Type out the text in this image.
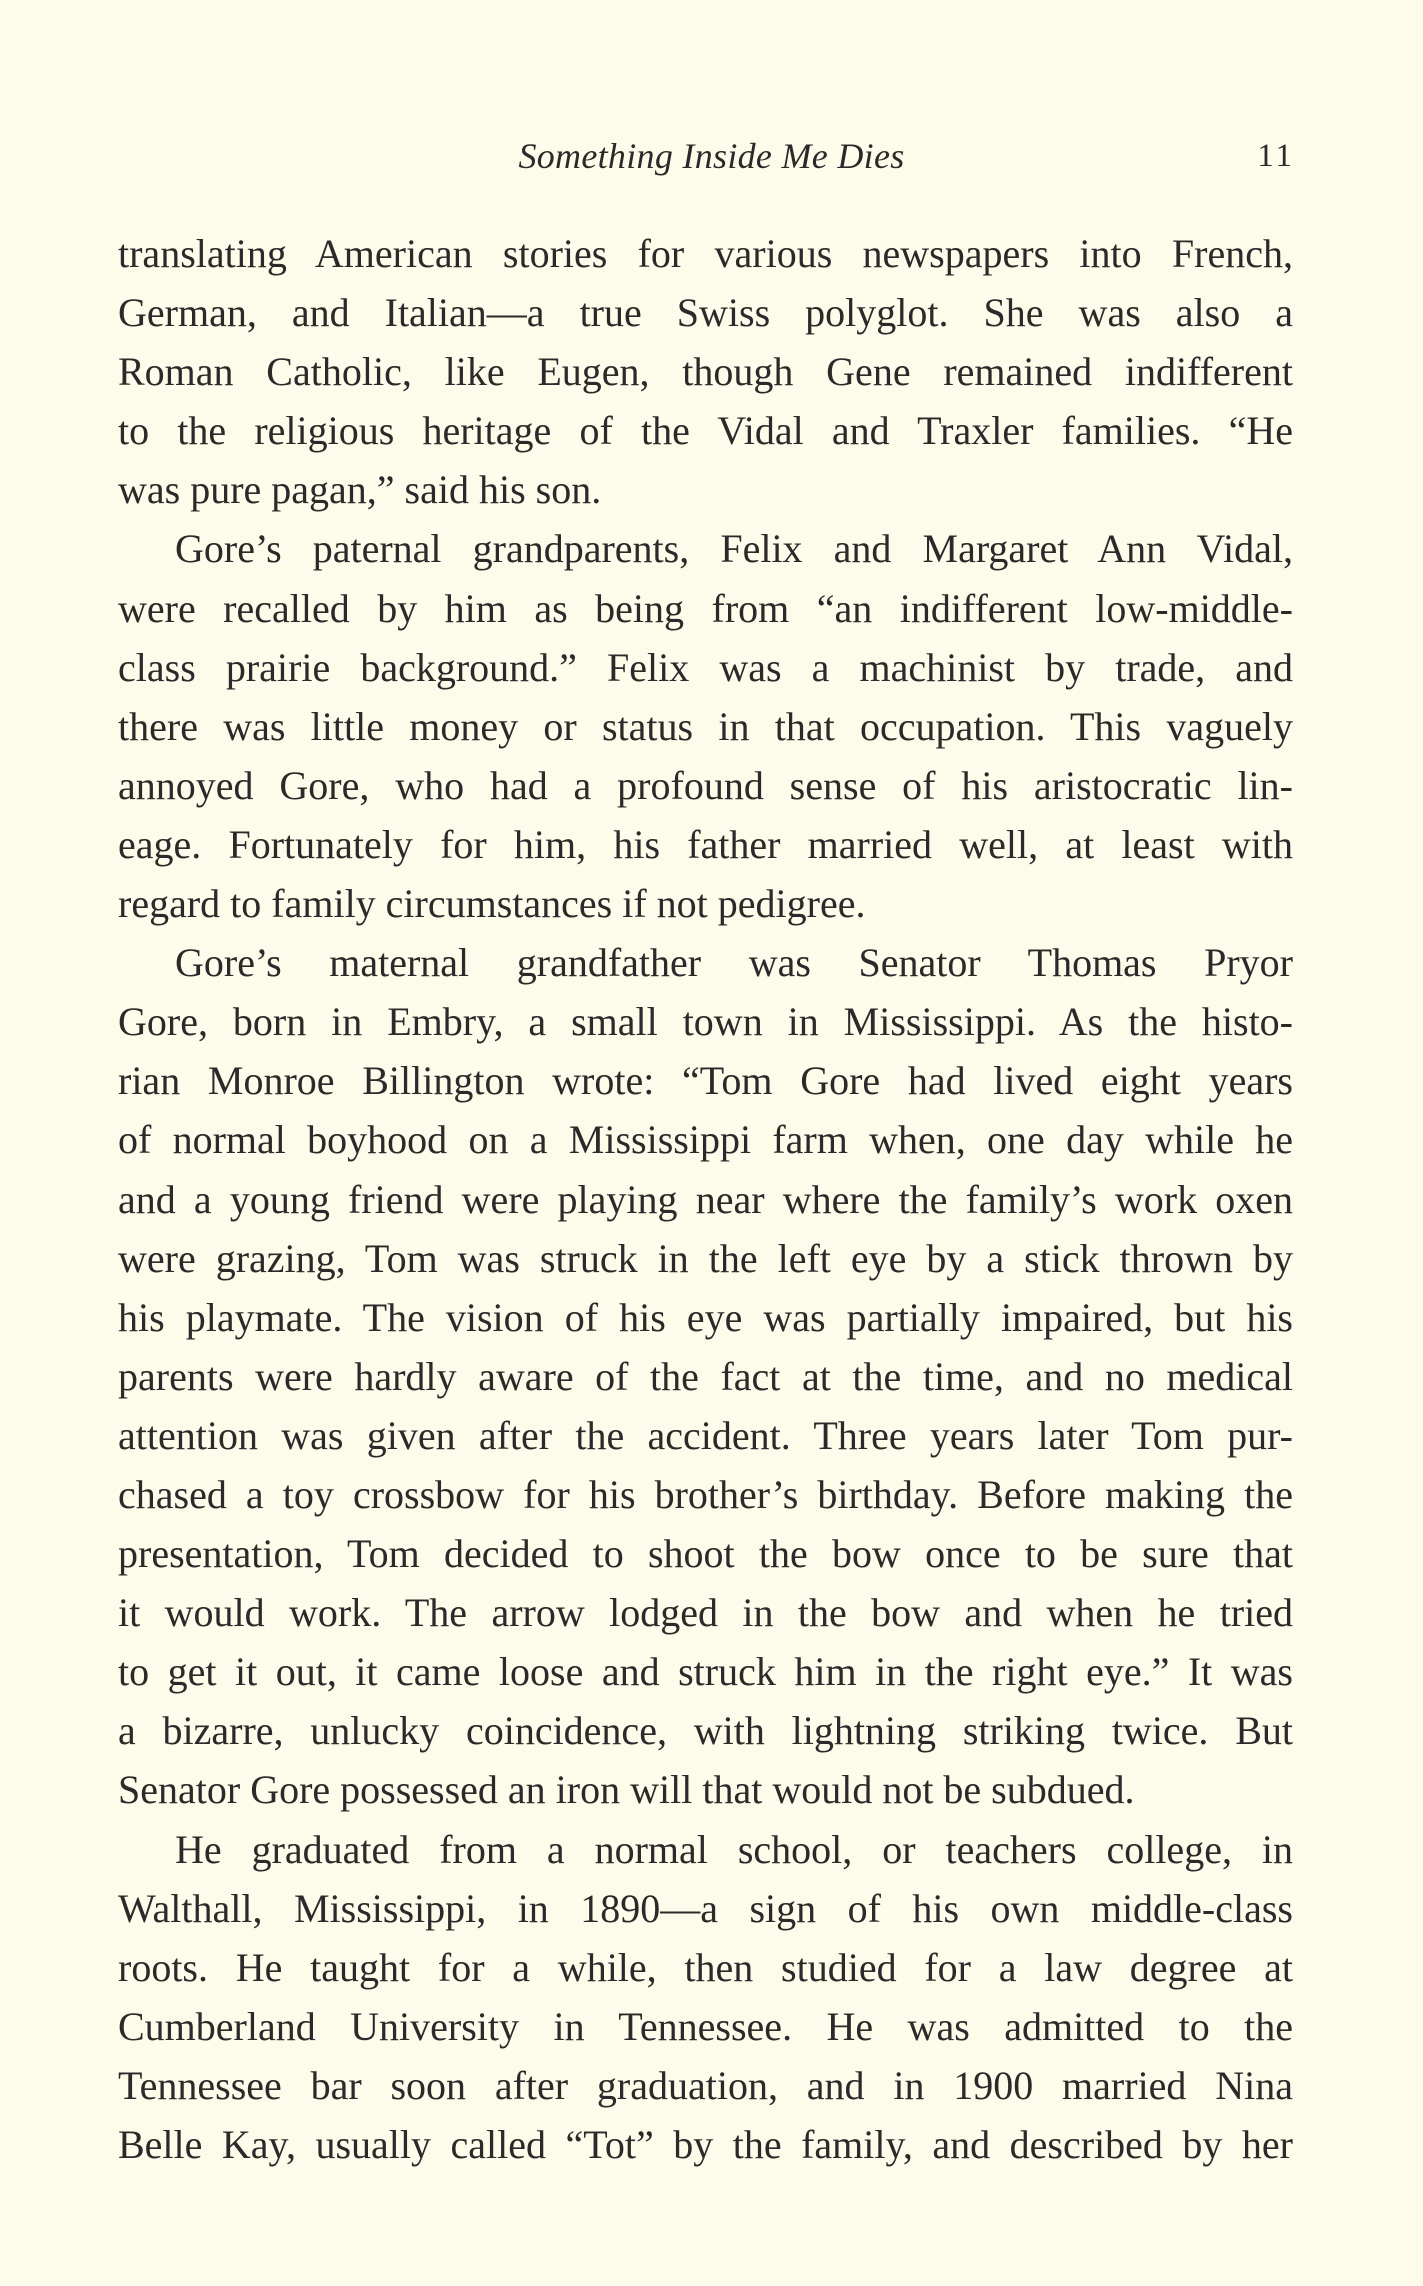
Something Inside Me Dies	11

translating American stories for various newspapers into French,
German, and Italian—a true Swiss polyglot. She was also a
Roman Catholic, like Eugen, though Gene remained indifferent
to the religious heritage of the Vidal and Traxler families. “He
was pure pagan,” said his son.

Gore’s paternal grandparents, Felix and Margaret Ann Vidal,
were recalled by him as being from “an indifferent low-middle-
class prairie background.” Felix was a machinist by trade, and
there was little money or status in that occupation. This vaguely
annoyed Gore, who had a profound sense of his aristocratic lin-
eage. Fortunately for him, his father married well, at least with
regard to family circumstances if not pedigree.

Gore’s maternal grandfather was Senator Thomas Pryor
Gore, born in Embry, a small town in Mississippi. As the histo-
rian Monroe Billington wrote: “Tom Gore had lived eight years
of normal boyhood on a Mississippi farm when, one day while he
and a young friend were playing near where the family’s work oxen
were grazing, Tom was struck in the left eye by a stick thrown by
his playmate. The vision of his eye was partially impaired, but his
parents were hardly aware of the fact at the time, and no medical
attention was given after the accident. Three years later Tom pur-
chased a toy crossbow for his brother’s birthday. Before making the
presentation, Tom decided to shoot the bow once to be sure that
it would work. The arrow lodged in the bow and when he tried
to get it out, it came loose and struck him in the right eye.” It was
a bizarre, unlucky coincidence, with lightning striking twice. But
Senator Gore possessed an iron will that would not be subdued.

He graduated from a normal school, or teachers college, in
Walthall, Mississippi, in 1890—a sign of his own middle-class
roots. He taught for a while, then studied for a law degree at
Cumberland University in Tennessee. He was admitted to the
Tennessee bar soon after graduation, and in 1900 married Nina
Belle Kay, usually called “Tot” by the family, and described by her
